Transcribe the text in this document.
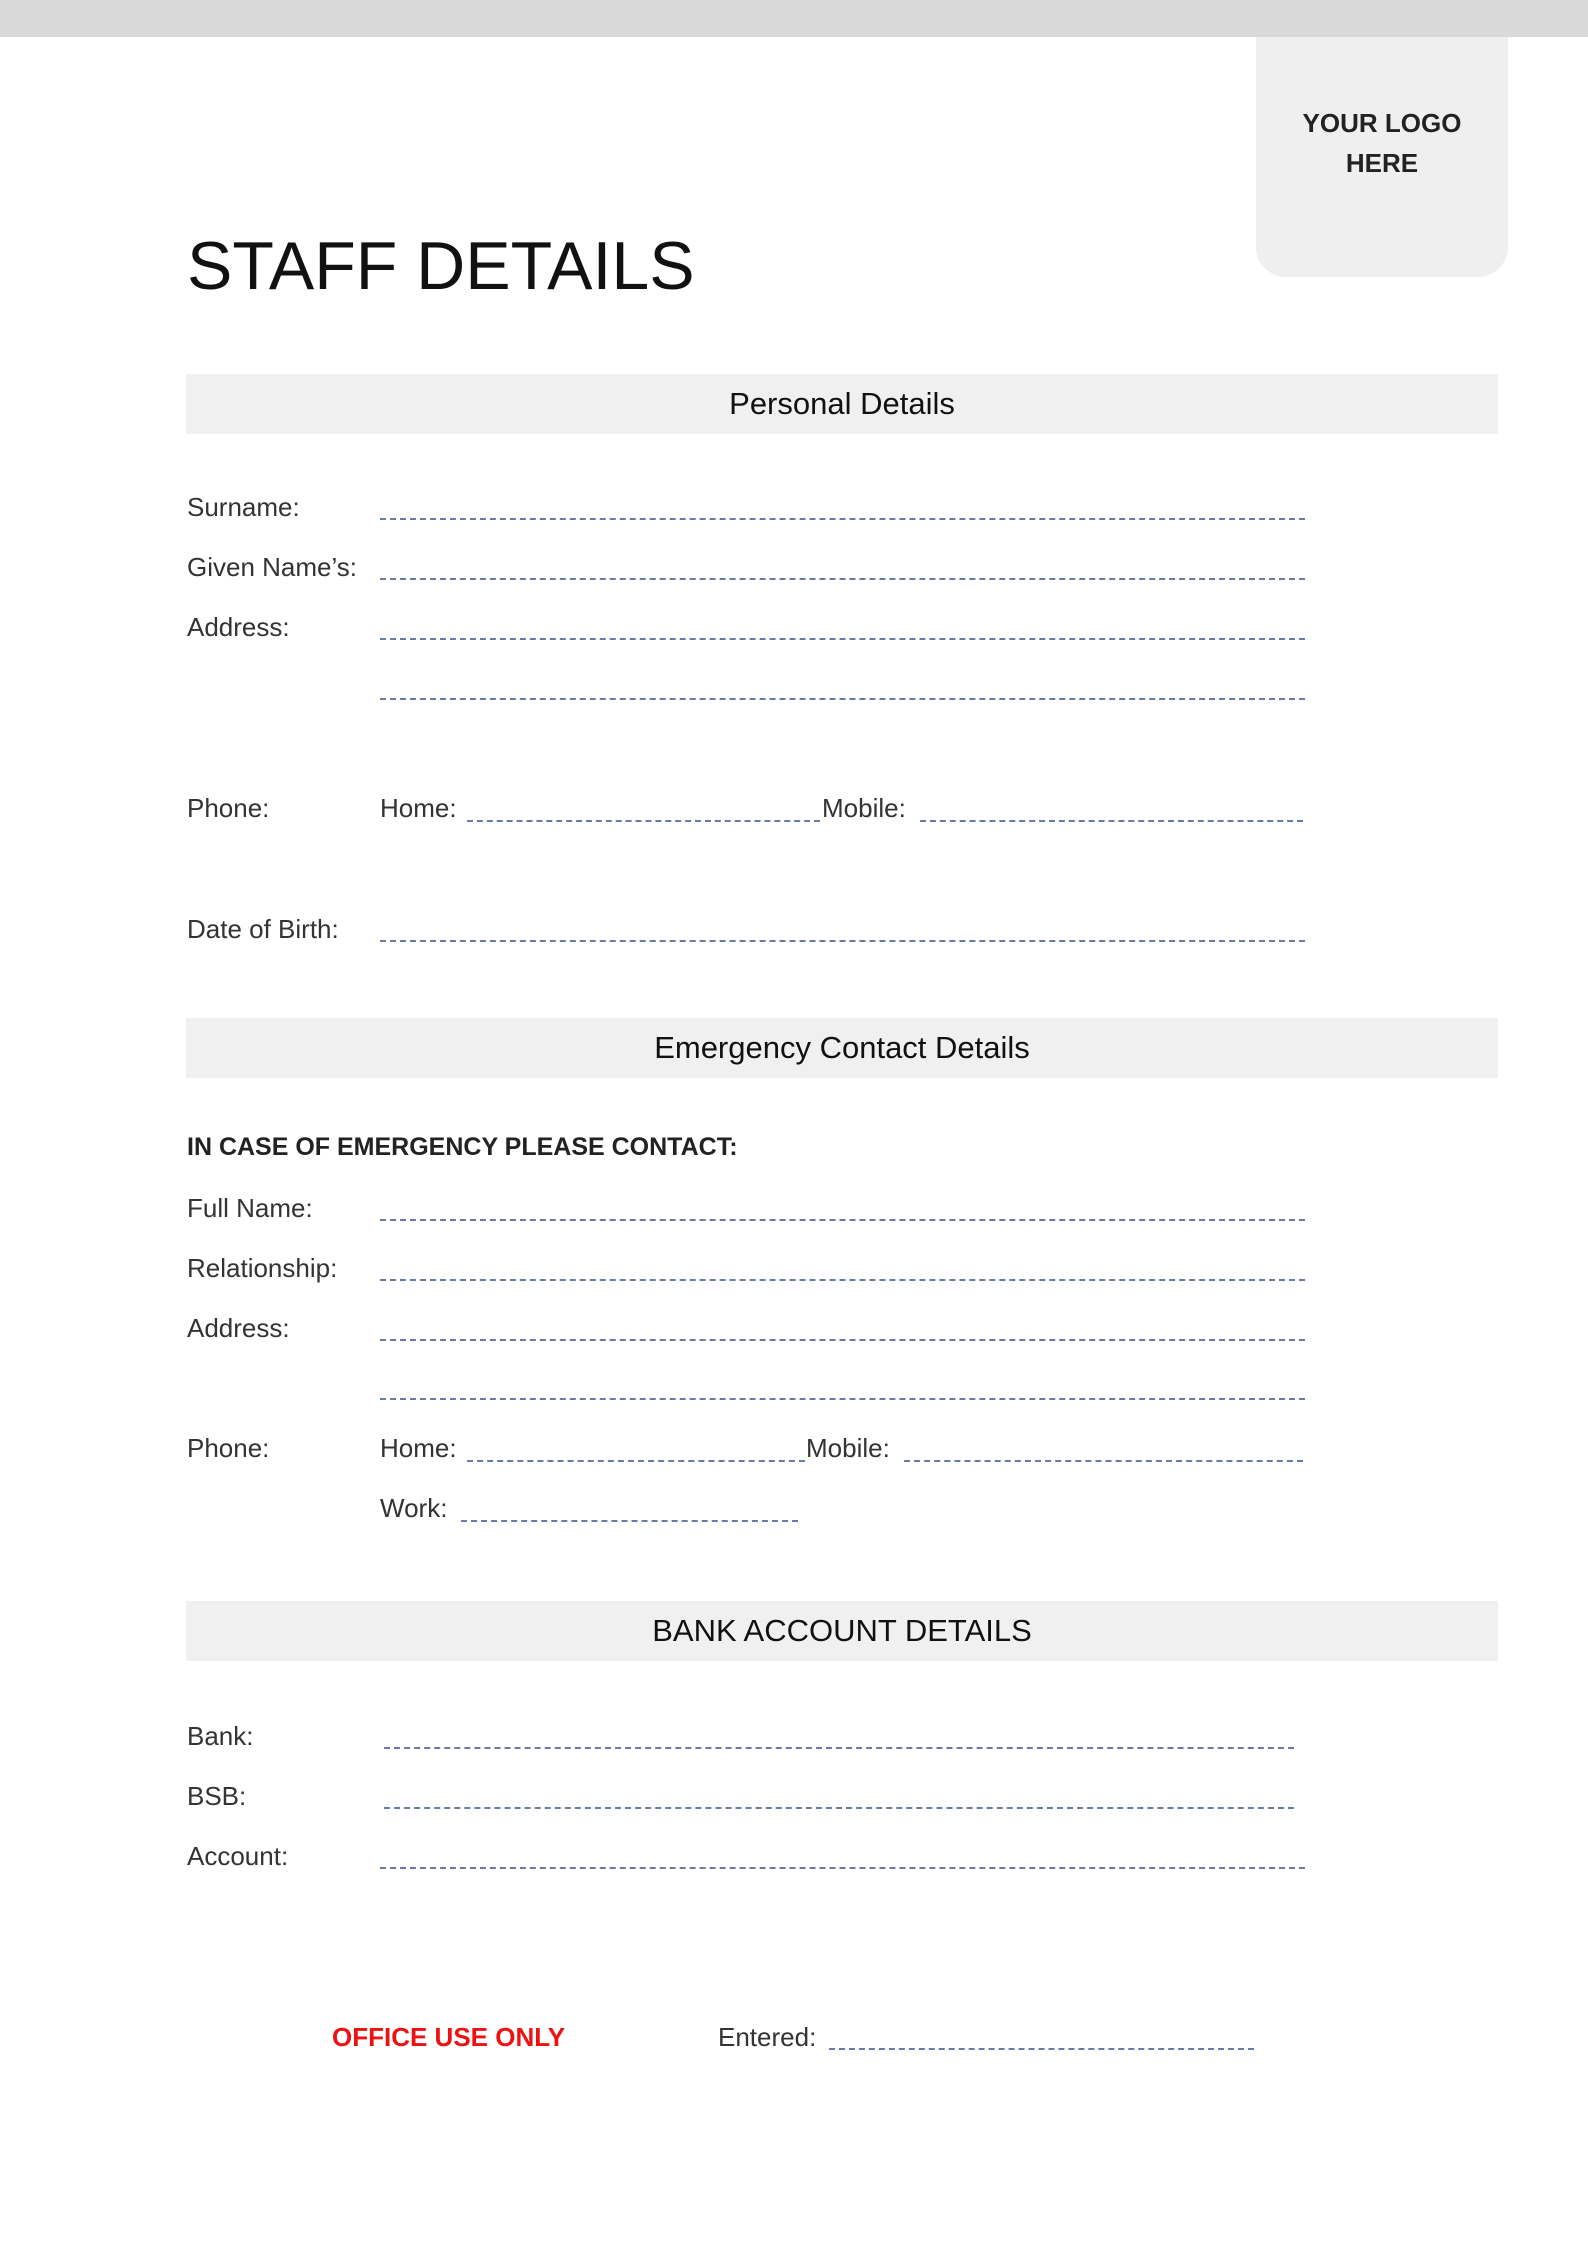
YOUR LOGO HERE
STAFF DETAILS
Personal Details
Surname:
Given Name’s:
Address:
Phone:	Home:	Mobile:
Date of Birth:
Emergency Contact Details
IN CASE OF EMERGENCY PLEASE CONTACT:
Full Name:
Relationship:
Address:
Phone:	Home:	Mobile:
Work:
BANK ACCOUNT DETAILS
Bank:
BSB:
Account:
OFFICE USE ONLY	Entered:
